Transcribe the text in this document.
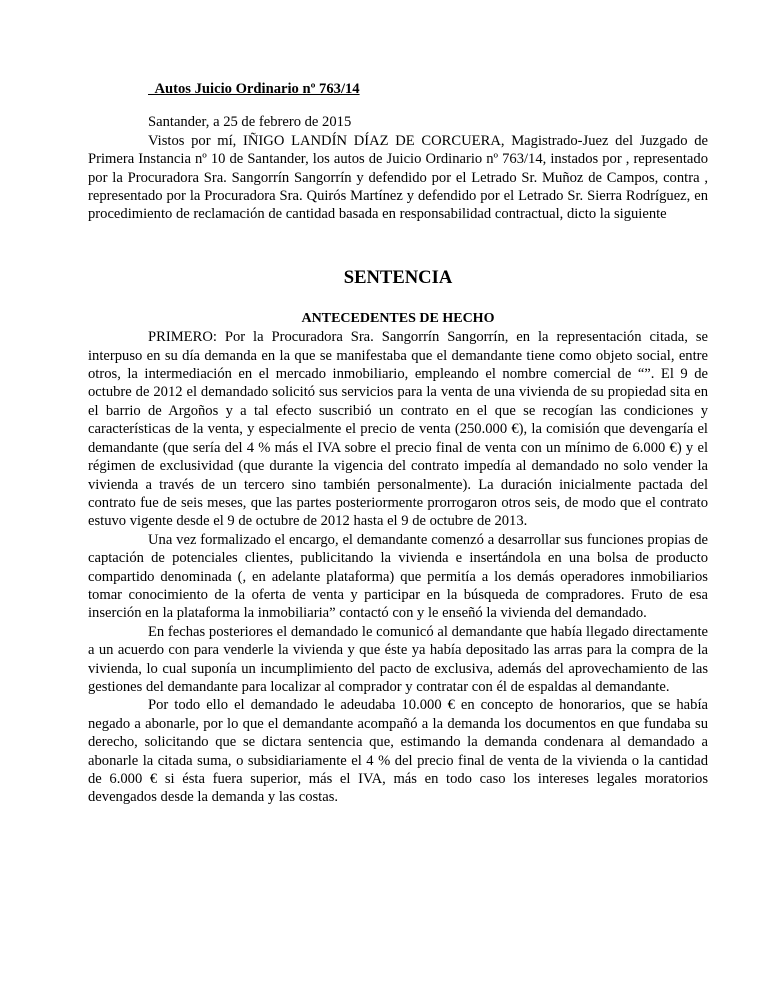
Autos Juicio Ordinario nº 763/14
Santander, a 25 de febrero de 2015

Vistos por mí, IÑIGO LANDÍN DÍAZ DE CORCUERA, Magistrado-Juez del Juzgado de Primera Instancia nº 10 de Santander, los autos de Juicio Ordinario nº 763/14, instados por , representado por la Procuradora Sra. Sangorrín Sangorrín y defendido por el Letrado Sr. Muñoz de Campos, contra , representado por la Procuradora Sra. Quirós Martínez y defendido por el Letrado Sr. Sierra Rodríguez, en procedimiento de reclamación de cantidad basada en responsabilidad contractual, dicto la siguiente

SENTENCIA
ANTECEDENTES DE HECHO

PRIMERO: Por la Procuradora Sra. Sangorrín Sangorrín, en la representación citada, se interpuso en su día demanda en la que se manifestaba que el demandante tiene como objeto social, entre otros, la intermediación en el mercado inmobiliario, empleando el nombre comercial de “”. El 9 de octubre de 2012 el demandado solicitó sus servicios para la venta de una vivienda de su propiedad sita en el barrio de Argoños y a tal efecto suscribió un contrato en el que se recogían las condiciones y características de la venta, y especialmente el precio de venta (250.000 €), la comisión que devengaría el demandante (que sería del 4 % más el IVA sobre el precio final de venta con un mínimo de 6.000 €) y el régimen de exclusividad (que durante la vigencia del contrato impedía al demandado no solo vender la vivienda a través de un tercero sino también personalmente). La duración inicialmente pactada del contrato fue de seis meses, que las partes posteriormente prorrogaron otros seis, de modo que el contrato estuvo vigente desde el 9 de octubre de 2012 hasta el 9 de octubre de 2013.

Una vez formalizado el encargo, el demandante comenzó a desarrollar sus funciones propias de captación de potenciales clientes, publicitando la vivienda e insertándola en una bolsa de producto compartido denominada (, en adelante plataforma) que permitía a los demás operadores inmobiliarios tomar conocimiento de la oferta de venta y participar en la búsqueda de compradores. Fruto de esa inserción en la plataforma la inmobiliaria” contactó con y le enseñó la vivienda del demandado.

En fechas posteriores el demandado le comunicó al demandante que había llegado directamente a un acuerdo con para venderle la vivienda y que éste ya había depositado las arras para la compra de la vivienda, lo cual suponía un incumplimiento del pacto de exclusiva, además del aprovechamiento de las gestiones del demandante para localizar al comprador y contratar con él de espaldas al demandante.

Por todo ello el demandado le adeudaba 10.000 € en concepto de honorarios, que se había negado a abonarle, por lo que el demandante acompañó a la demanda los documentos en que fundaba su derecho, solicitando que se dictara sentencia que, estimando la demanda condenara al demandado a abonarle la citada suma, o subsidiariamente el 4 % del precio final de venta de la vivienda o la cantidad de 6.000 € si ésta fuera superior, más el IVA, más en todo caso los intereses legales moratorios devengados desde la demanda y las costas.
